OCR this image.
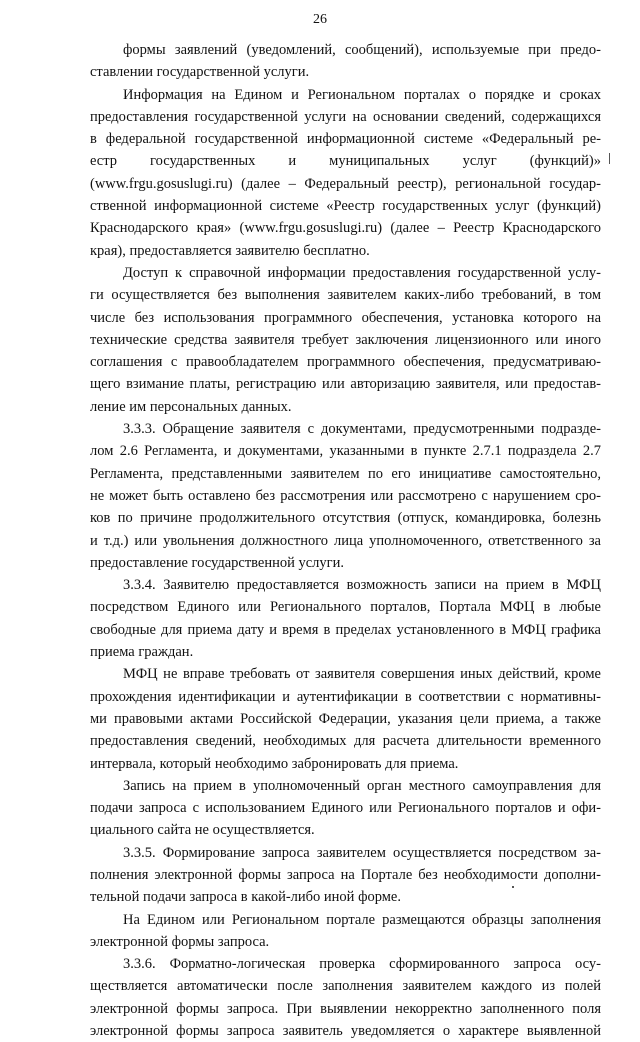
26
формы заявлений (уведомлений, сообщений), используемые при предо-
ставлении государственной услуги.
Информация на Едином и Региональном порталах о порядке и сроках
предоставления государственной услуги на основании сведений, содержащихся
в федеральной государственной информационной системе «Федеральный ре-
естр государственных и муниципальных услуг (функций)»
(www.frgu.gosuslugi.ru) (далее – Федеральный реестр), региональной государ-
ственной информационной системе «Реестр государственных услуг (функций)
Краснодарского края» (www.frgu.gosuslugi.ru) (далее – Реестр Краснодарского
края), предоставляется заявителю бесплатно.
Доступ к справочной информации предоставления государственной услу-
ги осуществляется без выполнения заявителем каких-либо требований, в том
числе без использования программного обеспечения, установка которого на
технические средства заявителя требует заключения лицензионного или иного
соглашения с правообладателем программного обеспечения, предусматриваю-
щего взимание платы, регистрацию или авторизацию заявителя, или предостав-
ление им персональных данных.
3.3.3. Обращение заявителя с документами, предусмотренными подразде-
лом 2.6 Регламента, и документами, указанными в пункте 2.7.1 подраздела 2.7
Регламента, представленными заявителем по его инициативе самостоятельно,
не может быть оставлено без рассмотрения или рассмотрено с нарушением сро-
ков по причине продолжительного отсутствия (отпуск, командировка, болезнь
и т.д.) или увольнения должностного лица уполномоченного, ответственного за
предоставление государственной услуги.
3.3.4. Заявителю предоставляется возможность записи на прием в МФЦ
посредством Единого или Регионального порталов, Портала МФЦ в любые
свободные для приема дату и время в пределах установленного в МФЦ графика
приема граждан.
МФЦ не вправе требовать от заявителя совершения иных действий, кроме
прохождения идентификации и аутентификации в соответствии с нормативны-
ми правовыми актами Российской Федерации, указания цели приема, а также
предоставления сведений, необходимых для расчета длительности временного
интервала, который необходимо забронировать для приема.
Запись на прием в уполномоченный орган местного самоуправления для
подачи запроса с использованием Единого или Регионального порталов и офи-
циального сайта не осуществляется.
3.3.5. Формирование запроса заявителем осуществляется посредством за-
полнения электронной формы запроса на Портале без необходимости дополни-
тельной подачи запроса в какой-либо иной форме.
На Едином или Региональном портале размещаются образцы заполнения
электронной формы запроса.
3.3.6. Форматно-логическая проверка сформированного запроса осу-
ществляется автоматически после заполнения заявителем каждого из полей
электронной формы запроса. При выявлении некорректно заполненного поля
электронной формы запроса заявитель уведомляется о характере выявленной
